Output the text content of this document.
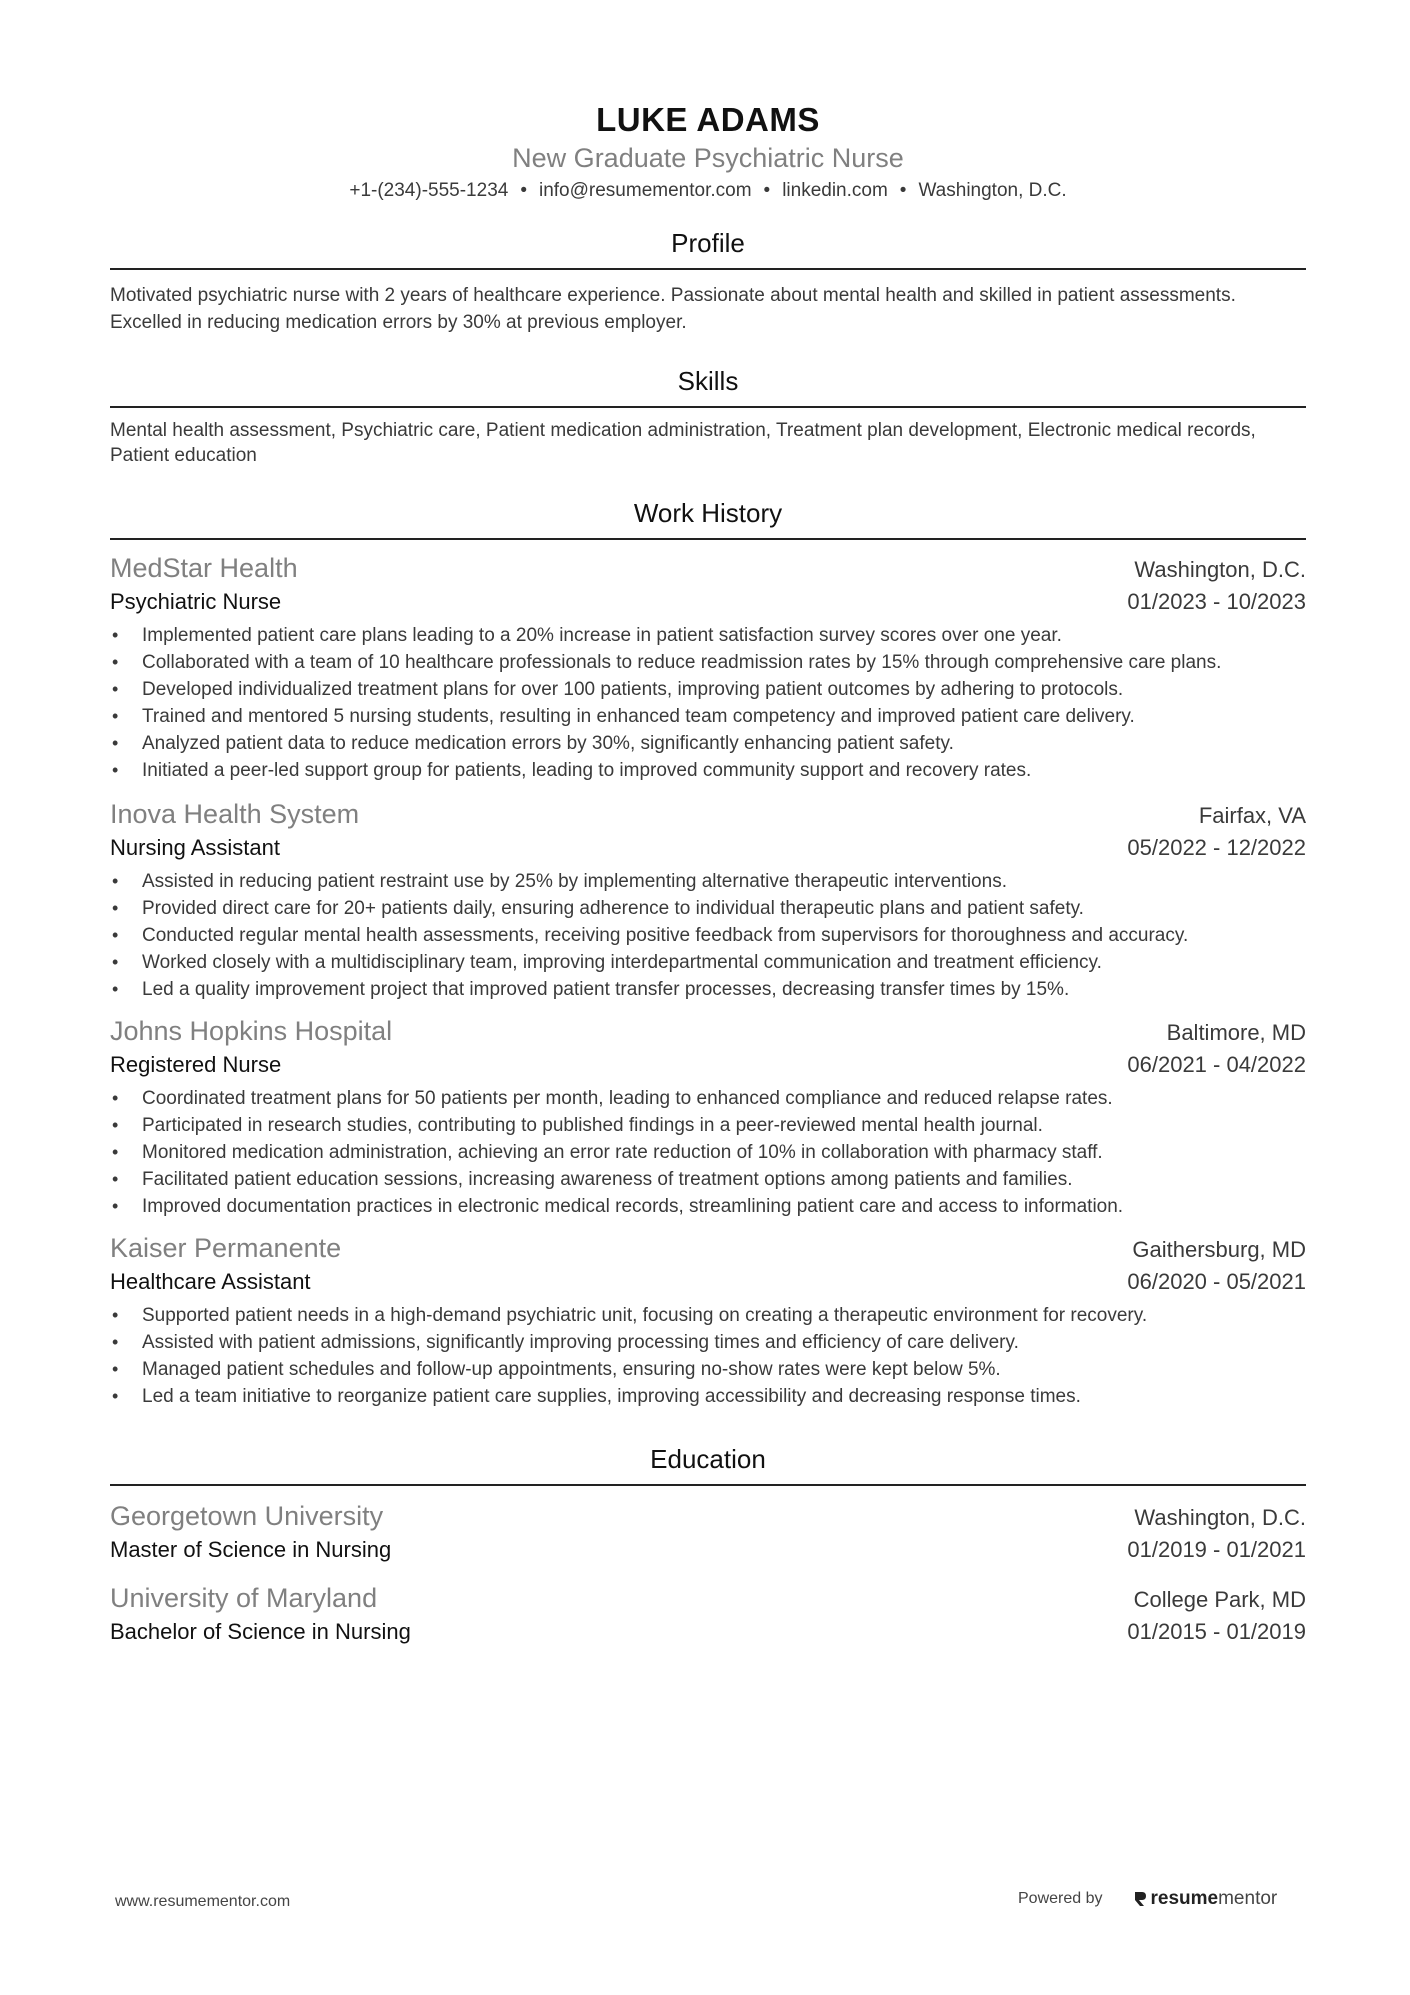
LUKE ADAMS
New Graduate Psychiatric Nurse
+1-(234)-555-1234 • info@resumementor.com • linkedin.com • Washington, D.C.
Profile

Motivated psychiatric nurse with 2 years of healthcare experience. Passionate about mental health and skilled in patient assessments. Excelled in reducing medication errors by 30% at previous employer.

Skills

Mental health assessment, Psychiatric care, Patient medication administration, Treatment plan development, Electronic medical records, Patient education

Work History
MedStar Health	Washington, D.C.
Psychiatric Nurse	01/2023 - 10/2023
• Implemented patient care plans leading to a 20% increase in patient satisfaction survey scores over one year.
• Collaborated with a team of 10 healthcare professionals to reduce readmission rates by 15% through comprehensive care plans.
• Developed individualized treatment plans for over 100 patients, improving patient outcomes by adhering to protocols.
• Trained and mentored 5 nursing students, resulting in enhanced team competency and improved patient care delivery.
• Analyzed patient data to reduce medication errors by 30%, significantly enhancing patient safety.
• Initiated a peer-led support group for patients, leading to improved community support and recovery rates.
Inova Health System	Fairfax, VA
Nursing Assistant	05/2022 - 12/2022
• Assisted in reducing patient restraint use by 25% by implementing alternative therapeutic interventions.
• Provided direct care for 20+ patients daily, ensuring adherence to individual therapeutic plans and patient safety.
• Conducted regular mental health assessments, receiving positive feedback from supervisors for thoroughness and accuracy.
• Worked closely with a multidisciplinary team, improving interdepartmental communication and treatment efficiency.
• Led a quality improvement project that improved patient transfer processes, decreasing transfer times by 15%.
Johns Hopkins Hospital	Baltimore, MD
Registered Nurse	06/2021 - 04/2022
• Coordinated treatment plans for 50 patients per month, leading to enhanced compliance and reduced relapse rates.
• Participated in research studies, contributing to published findings in a peer-reviewed mental health journal.
• Monitored medication administration, achieving an error rate reduction of 10% in collaboration with pharmacy staff.
• Facilitated patient education sessions, increasing awareness of treatment options among patients and families.
• Improved documentation practices in electronic medical records, streamlining patient care and access to information.
Kaiser Permanente	Gaithersburg, MD
Healthcare Assistant	06/2020 - 05/2021
• Supported patient needs in a high-demand psychiatric unit, focusing on creating a therapeutic environment for recovery.
• Assisted with patient admissions, significantly improving processing times and efficiency of care delivery.
• Managed patient schedules and follow-up appointments, ensuring no-show rates were kept below 5%.
• Led a team initiative to reorganize patient care supplies, improving accessibility and decreasing response times.
Education
Georgetown University	Washington, D.C.
Master of Science in Nursing	01/2019 - 01/2021
University of Maryland	College Park, MD
Bachelor of Science in Nursing	01/2015 - 01/2019
www.resumementor.com	Powered by	resume mentor
